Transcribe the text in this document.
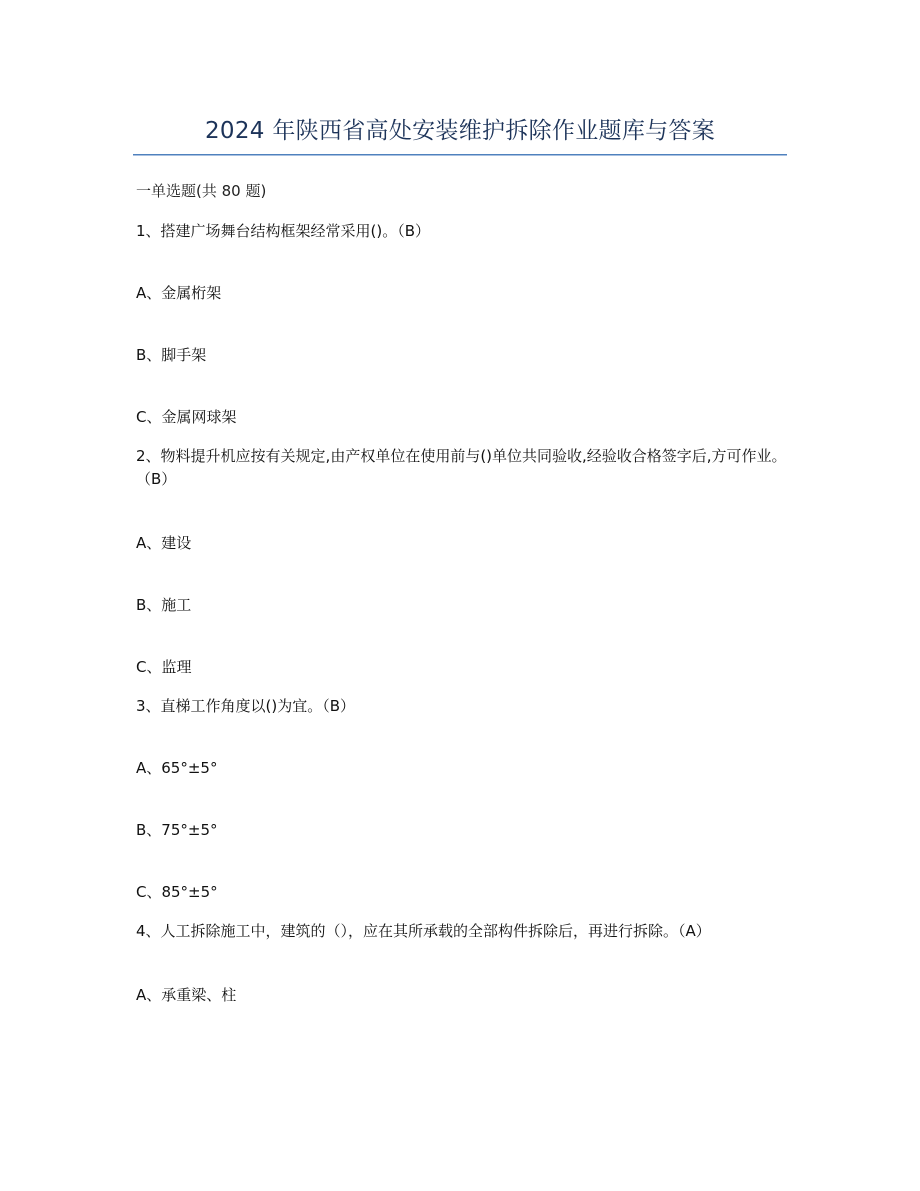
2024 年陕西省高处安装维护拆除作业题库与答案
一单选题(共 80 题)
1、搭建广场舞台结构框架经常采用()。（B）
A、金属桁架
B、脚手架
C、金属网球架
2、物料提升机应按有关规定,由产权单位在使用前与()单位共同验收,经验收合格签字后,方可作业。（B）
A、建设
B、施工
C、监理
3、直梯工作角度以()为宜。（B）
A、65°±5°
B、75°±5°
C、85°±5°
4、人工拆除施工中，建筑的（），应在其所承载的全部构件拆除后，再进行拆除。（A）
A、承重梁、柱
